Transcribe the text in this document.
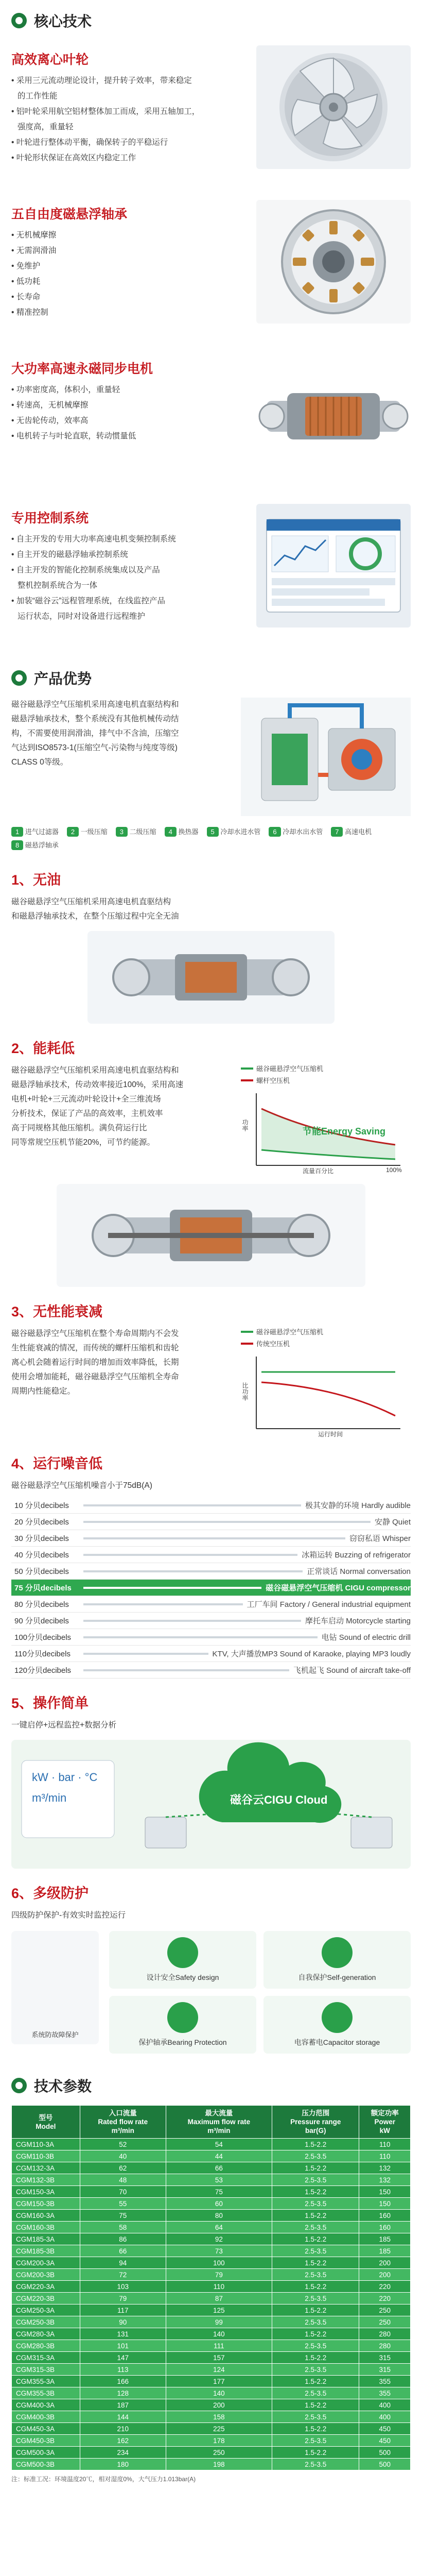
核心技术
高效离心叶轮
• 采用三元流动理论设计，提升转子效率，带来稳定
的工作性能
• 铝叶轮采用航空铝材整体加工而成，采用五轴加工，
强度高，重量轻
• 叶轮进行整体动平衡，确保转子的平稳运行
• 叶轮形状保证在高效区内稳定工作
五自由度磁悬浮轴承
• 无机械摩擦
• 无需润滑油
• 免维护
• 低功耗
• 长寿命
• 精准控制
大功率高速永磁同步电机
• 功率密度高，体积小，重量轻
• 转速高，无机械摩擦
• 无齿轮传动，效率高
• 电机转子与叶轮直联，转动惯量低
专用控制系统
• 自主开发的专用大功率高速电机变频控制系统
• 自主开发的磁悬浮轴承控制系统
• 自主开发的智能化控制系统集成以及产品
整机控制系统合为一体
• 加装“磁谷云”远程管理系统，在线监控产品
运行状态，同时对设备进行远程维护
产品优势
磁谷磁悬浮空气压缩机采用高速电机直驱结构和
磁悬浮轴承技术，整个系统没有其他机械传动结
构，不需要使用润滑油，排气中不含油，压缩空
气达到ISO8573-1(压缩空气-污染物与纯度等级)
CLASS 0等级。
1 进气过滤器	2 一级压缩	3 二级压缩	4 换热器	5 冷却水进水管	6 冷却水出水管	7 高速电机
8 磁悬浮轴承
1、无油
磁谷磁悬浮空气压缩机采用高速电机直驱结构
和磁悬浮轴承技术，在整个压缩过程中完全无油
2、能耗低
磁谷磁悬浮空气压缩机采用高速电机直驱结构和
磁悬浮轴承技术，传动效率接近100%，采用高速
电机+叶轮+三元流动叶轮设计+全三维流场
分析技术，保证了产品的高效率，主机效率
高于同规格其他压缩机。满负荷运行比
同等常规空压机节能20%，可节约能源。
磁谷磁悬浮空气压缩机
螺杆空压机
节能Energy Saving
功率
流量百分比	100%
3、无性能衰减
磁谷磁悬浮空气压缩机在整个寿命周期内不会发
生性能衰减的情况，而传统的螺杆压缩机和齿轮
离心机会随着运行时间的增加而效率降低，长期
使用会增加能耗，磁谷磁悬浮空气压缩机全寿命
周期内性能稳定。
磁谷磁悬浮空气压缩机
传统空压机
比功率
运行时间
4、运行噪音低
磁谷磁悬浮空气压缩机噪音小于75dB(A)
10 分贝decibels	极其安静的环境 Hardly audible
20 分贝decibels	安静 Quiet
30 分贝decibels	窃窃私语 Whisper
40 分贝decibels	冰箱运转 Buzzing of refrigerator
50 分贝decibels	正常谈话 Normal conversation
75 分贝decibels	磁谷磁悬浮空气压缩机 CIGU compressor
80 分贝decibels	工厂车间 Factory / General industrial equipment
90 分贝decibels	摩托车启动 Motorcycle starting
100分贝decibels	电钻 Sound of electric drill
110分贝decibels	KTV, 大声播放MP3 Sound of Karaoke, playing MP3 loudly
120分贝decibels	飞机起飞 Sound of aircraft take-off
5、操作简单
一键启停+远程监控+数据分析
kW · bar · °C
m³/min	磁谷云CIGU Cloud
6、多级防护
四级防护保护-有效实时监控运行
系统防故障保护
设计安全Safety design	自我保护Self-generation
保护轴承Bearing Protection	电容蓄电Capacitor storage
技术参数
型号
Model	入口流量
Rated flow rate
m³/min	最大流量
Maximum flow rate
m³/min	压力范围
Pressure range
bar(G)	额定功率
Power
kW
CGM110-3A	52	54	1.5-2.2	110
CGM110-3B	40	44	2.5-3.5	110
CGM132-3A	62	66	1.5-2.2	132
CGM132-3B	48	53	2.5-3.5	132
CGM150-3A	70	75	1.5-2.2	150
CGM150-3B	55	60	2.5-3.5	150
CGM160-3A	75	80	1.5-2.2	160
CGM160-3B	58	64	2.5-3.5	160
CGM185-3A	86	92	1.5-2.2	185
CGM185-3B	66	73	2.5-3.5	185
CGM200-3A	94	100	1.5-2.2	200
CGM200-3B	72	79	2.5-3.5	200
CGM220-3A	103	110	1.5-2.2	220
CGM220-3B	79	87	2.5-3.5	220
CGM250-3A	117	125	1.5-2.2	250
CGM250-3B	90	99	2.5-3.5	250
CGM280-3A	131	140	1.5-2.2	280
CGM280-3B	101	111	2.5-3.5	280
CGM315-3A	147	157	1.5-2.2	315
CGM315-3B	113	124	2.5-3.5	315
CGM355-3A	166	177	1.5-2.2	355
CGM355-3B	128	140	2.5-3.5	355
CGM400-3A	187	200	1.5-2.2	400
CGM400-3B	144	158	2.5-3.5	400
CGM450-3A	210	225	1.5-2.2	450
CGM450-3B	162	178	2.5-3.5	450
CGM500-3A	234	250	1.5-2.2	500
CGM500-3B	180	198	2.5-3.5	500
注：标准工况：环境温度20℃，相对湿度0%，大气压力1.013bar(A)
